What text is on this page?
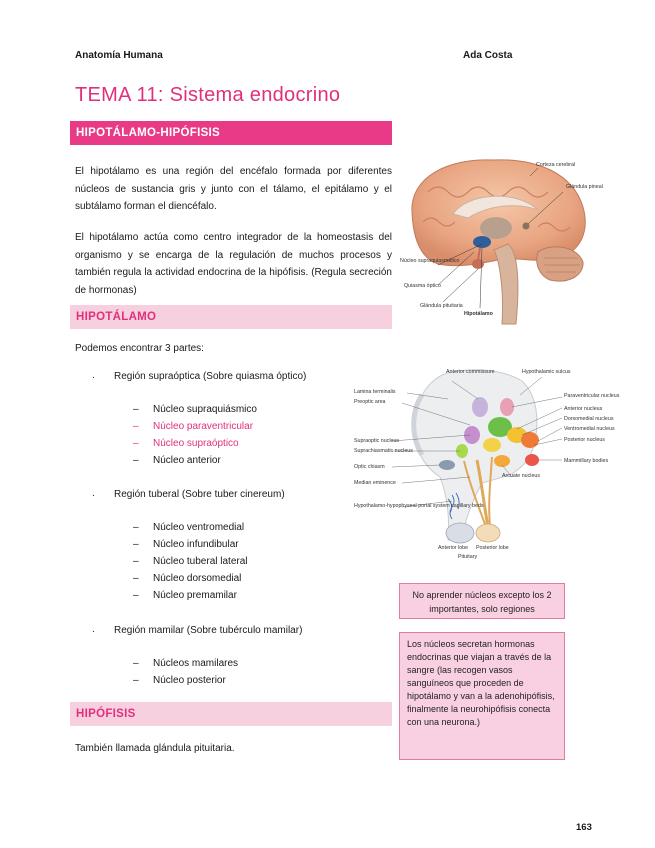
Anatomía Humana	Ada Costa
TEMA 11: Sistema endocrino
HIPOTÁLAMO-HIPÓFISIS
El hipotálamo es una región del encéfalo formada por diferentes núcleos de sustancia gris y junto con el tálamo, el epitálamo y el subtálamo forman el diencéfalo.
El hipotálamo actúa como centro integrador de la homeostasis del organismo y se encarga de la regulación de muchos procesos y también regula la actividad endocrina de la hipófisis. (Regula secreción de hormonas)
Corteza cerebral
Glándula pineal
Núcleo supraquiasmático
Quiasma óptico
Glándula pituitaria
Hipotálamo
HIPOTÁLAMO
Podemos encontrar 3 partes:
. Región supraóptica (Sobre quiasma óptico)
– Núcleo supraquiásmico
– Núcleo paraventricular
– Núcleo supraóptico
– Núcleo anterior
. Región tuberal (Sobre tuber cinereum)
– Núcleo ventromedial
– Núcleo infundibular
– Núcleo tuberal lateral
– Núcleo dorsomedial
– Núcleo premamilar
. Región mamilar (Sobre tubérculo mamilar)
– Núcleos mamilares
– Núcleo posterior
Anterior commissure	Hypothalamic sulcus
Lamina terminalis
Preoptic area
Paraventricular nucleus
Anterior nucleus
Dorsomedial nucleus
Ventromedial nucleus
Supraoptic nucleus
Suprachiasmatic nucleus
Posterior nucleus
Mammillary bodies
Optic chiasm
Arcuate nucleus
Median eminence
Hypothalamo-hypophyseal portal system capillary beds
Anterior lobe Posterior lobe
Pituitary
No aprender núcleos excepto los 2 importantes, solo regiones
Los núcleos secretan hormonas endocrinas que viajan a través de la sangre (las recogen vasos sanguíneos que proceden de hipotálamo y van a la adenohipófisis, finalmente la neurohipófisis conecta con una neurona.)
HIPÓFISIS
También llamada glándula pituitaria.
163
